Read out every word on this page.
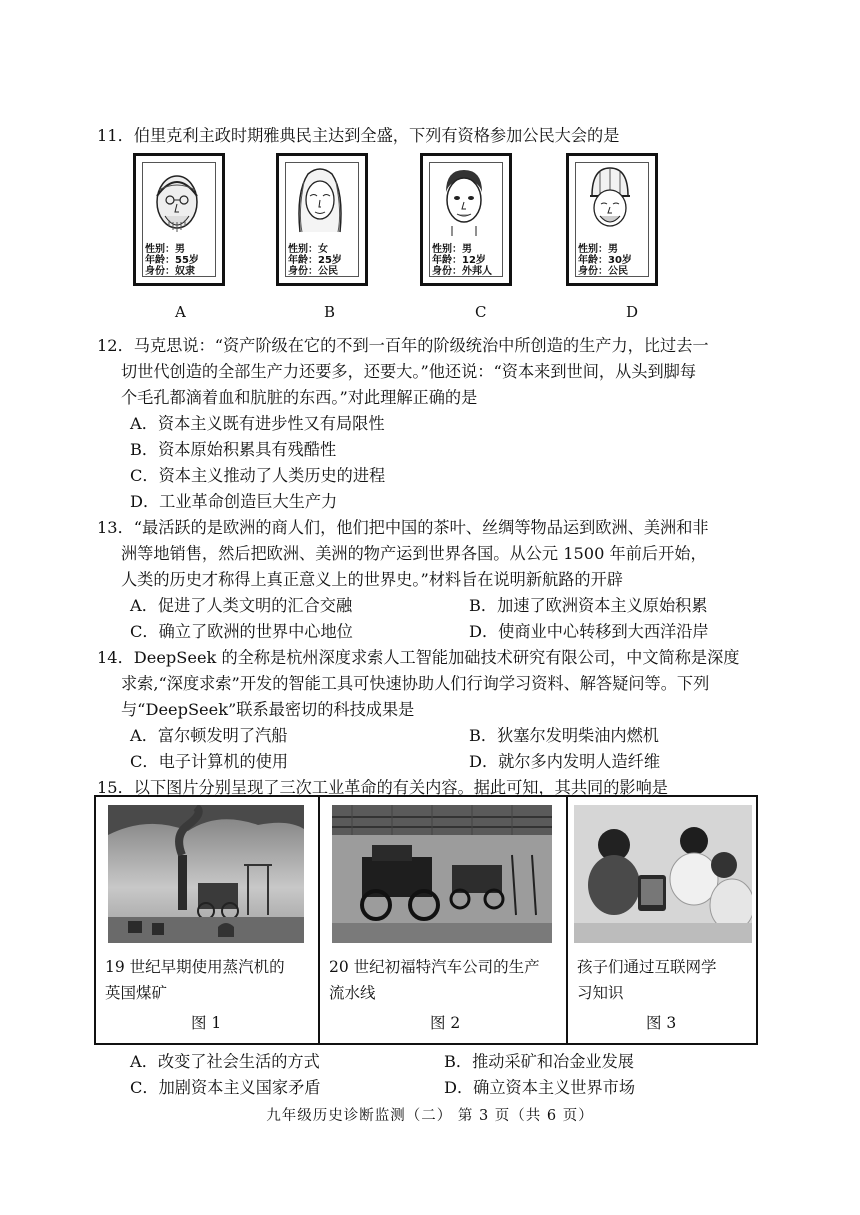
11．伯里克利主政时期雅典民主达到全盛，下列有资格参加公民大会的是
性别：男
年龄：55岁
身份：奴隶
性别：女
年龄：25岁
身份：公民
性别：男
年龄：12岁
身份：外邦人
性别：男
年龄：30岁
身份：公民
A	B	C	D
12．马克思说：“资产阶级在它的不到一百年的阶级统治中所创造的生产力，比过去一
切世代创造的全部生产力还要多，还要大。”他还说：“资本来到世间，从头到脚每
个毛孔都滴着血和肮脏的东西。”对此理解正确的是
A．资本主义既有进步性又有局限性
B．资本原始积累具有残酷性
C．资本主义推动了人类历史的进程
D．工业革命创造巨大生产力
13．“最活跃的是欧洲的商人们，他们把中国的茶叶、丝绸等物品运到欧洲、美洲和非
洲等地销售，然后把欧洲、美洲的物产运到世界各国。从公元 1500 年前后开始，
人类的历史才称得上真正意义上的世界史。”材料旨在说明新航路的开辟
A．促进了人类文明的汇合交融	B．加速了欧洲资本主义原始积累
C．确立了欧洲的世界中心地位	D．使商业中心转移到大西洋沿岸
14．DeepSeek 的全称是杭州深度求索人工智能加础技术研究有限公司，中文简称是深度
求索,“深度求索”开发的智能工具可快速协助人们行询学习资料、解答疑问等。下列
与“DeepSeek”联系最密切的科技成果是
A．富尔顿发明了汽船	B．狄塞尔发明柴油内燃机
C．电子计算机的使用	D．就尔多内发明人造纤维
15．以下图片分别呈现了三次工业革命的有关内容。据此可知，其共同的影响是
19 世纪早期使用蒸汽机的
英国煤矿
图 1
20 世纪初福特汽车公司的生产
流水线
图 2
孩子们通过互联网学
习知识
图 3
A．改变了社会生活的方式	B．推动采矿和冶金业发展
C．加剧资本主义国家矛盾	D．确立资本主义世界市场
九年级历史诊断监测（二） 第 3 页（共 6 页）
